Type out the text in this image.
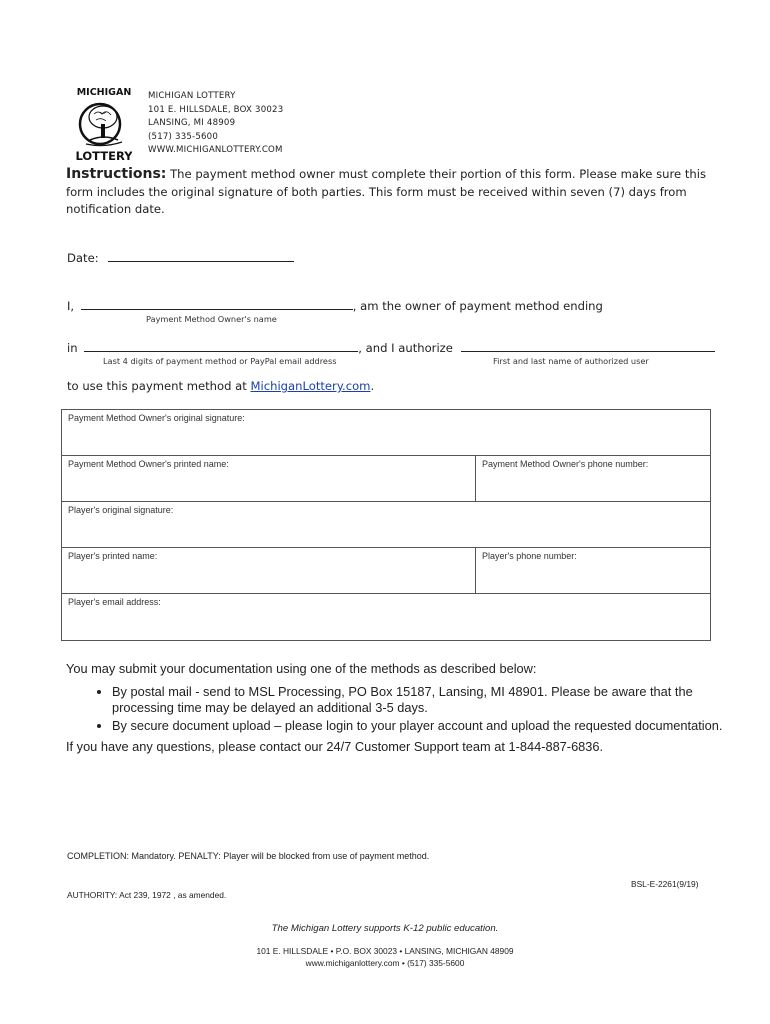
MICHIGAN
LOTTERY
MICHIGAN LOTTERY
101 E. HILLSDALE, BOX 30023
LANSING, MI 48909
(517) 335-5600
WWW.MICHIGANLOTTERY.COM
Instructions: The payment method owner must complete their portion of this form. Please make sure this form includes the original signature of both parties. This form must be received within seven (7) days from notification date.
Date:
I,	, am the owner of payment method ending
Payment Method Owner's name
in	, and I authorize
Last 4 digits of payment method or PayPal email address	First and last name of authorized user
to use this payment method at MichiganLottery.com.
Payment Method Owner's original signature:
Payment Method Owner's printed name:	Payment Method Owner's phone number:
Player's original signature:
Player's printed name:	Player's phone number:
Player's email address:
You may submit your documentation using one of the methods as described below:
• By postal mail - send to MSL Processing, PO Box 15187, Lansing, MI 48901. Please be aware that the processing time may be delayed an additional 3-5 days.
• By secure document upload – please login to your player account and upload the requested documentation.
If you have any questions, please contact our 24/7 Customer Support team at 1-844-887-6836.
COMPLETION: Mandatory. PENALTY: Player will be blocked from use of payment method.
BSL-E-2261(9/19)
AUTHORITY: Act 239, 1972 , as amended.
The Michigan Lottery supports K-12 public education.
101 E. HILLSDALE • P.O. BOX 30023 • LANSING, MICHIGAN 48909
www.michiganlottery.com • (517) 335-5600
